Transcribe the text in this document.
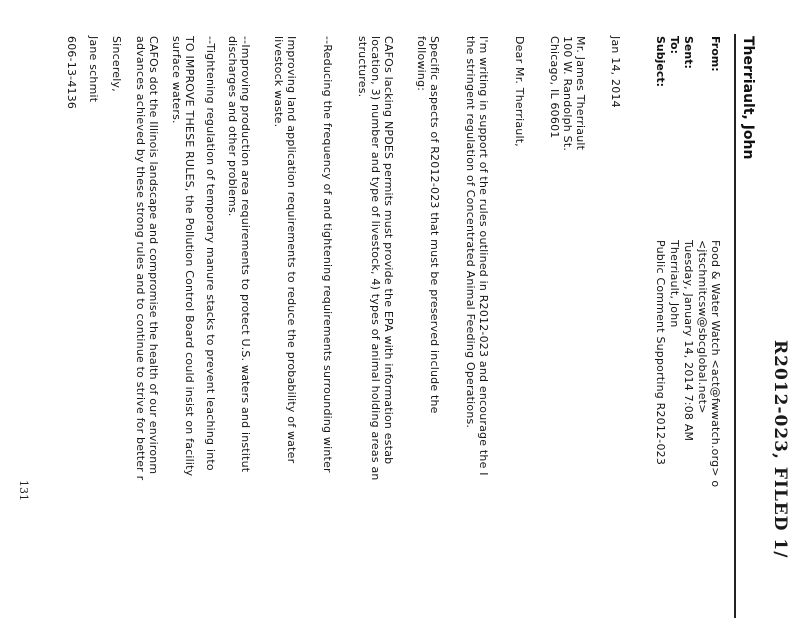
R2012-023, FILED 1/
Therriault, John
From:
Food & Water Watch <act@fwwatch.org> o
<jtschmitcsw@sbcglobal.net>
Sent:
Tuesday, January 14, 2014 7:08 AM
To:
Therriault, John
Subject:
Public Comment Supporting R2012-023
Jan 14, 2014
Mr. James Therriault
100 W. Randolph St.
Chicago, IL 60601
Dear Mr. Therriault,
I'm writing in support of the rules outlined in R2012-023 and encourage the I
the stringent regulation of Concentrated Animal Feeding Operations.
Specific aspects of R2012-023 that must be preserved include the
following:
CAFOs lacking NPDES permits must provide the EPA with information estab
location, 3) number and type of livestock, 4) types of animal holding areas an
structures.
--Reducing the frequency of and tightening requirements surrounding winter
Improving land application requirements to reduce the probability of water
livestock waste.
--Improving production area requirements to protect U.S. waters and institut
discharges and other problems.
--Tightening regulation of temporary manure stacks to prevent leaching into
TO IMPROVE THESE RULES, the Pollution Control Board could insist on facility
surface waters.
CAFOs dot the Illinois landscape and compromise the health of our environm
advances achieved by these strong rules and to continue to strive for better r
Sincerely,
Jane schmit
606-13-4136
131
